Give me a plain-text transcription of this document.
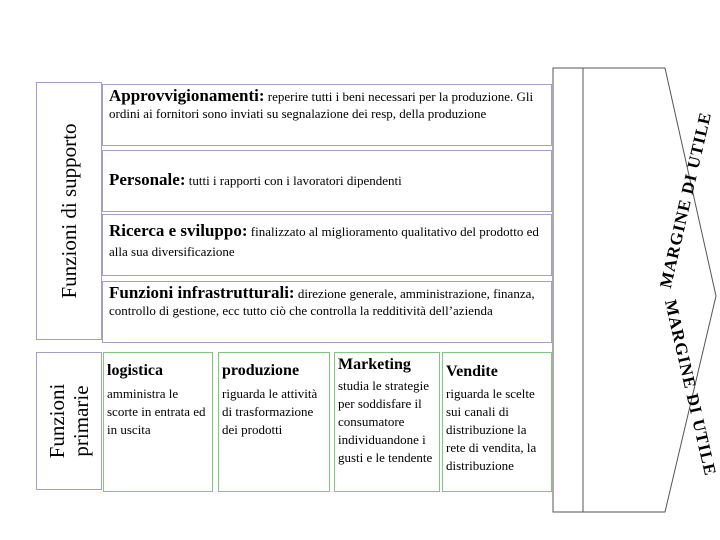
Funzioni di supporto
Approvvigionamenti: reperire tutti i beni necessari per la produzione. Gli ordini ai fornitori sono inviati su segnalazione dei resp, della produzione
Personale: tutti i rapporti con i lavoratori dipendenti
Ricerca e sviluppo: finalizzato al miglioramento qualitativo del prodotto ed alla sua diversificazione
Funzioni infrastrutturali: direzione generale, amministrazione, finanza, controllo di gestione, ecc tutto ciò che controlla la redditività dell’azienda
Funzioni primarie
logistica
amministra le scorte in entrata ed in uscita
produzione
riguarda le attività di trasformazione dei prodotti
Marketing
studia le strategie per soddisfare il consumatore individuandone i gusti e le tendente
Vendite
riguarda le scelte sui canali di distribuzione la rete di vendita, la distribuzione
MARGINE DI UTILE
MARGINE DI UTILE
